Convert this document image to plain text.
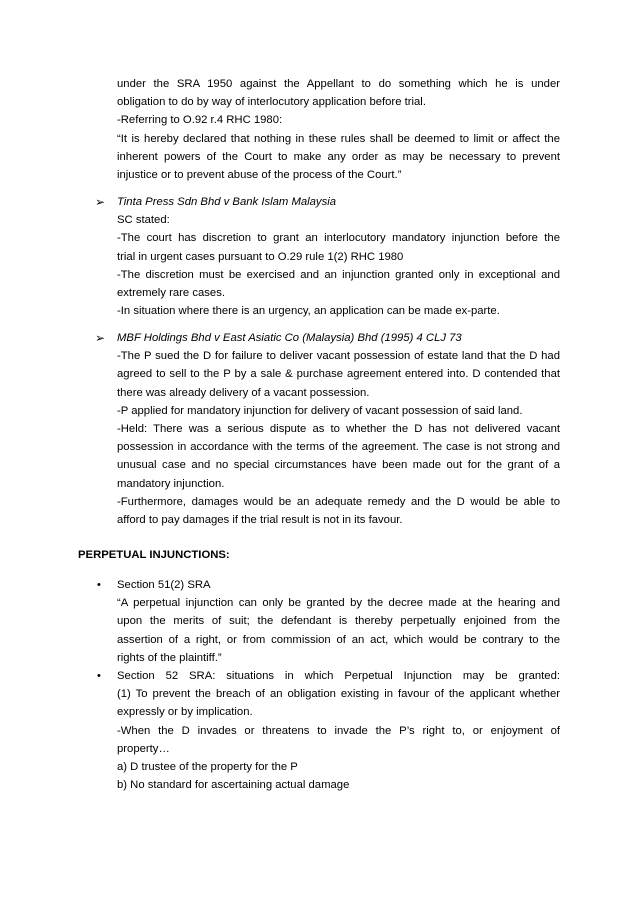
under the SRA 1950 against the Appellant to do something which he is under
obligation to do by way of interlocutory application before trial.
-Referring to O.92 r.4 RHC 1980:
“It is hereby declared that nothing in these rules shall be deemed to limit or affect the
inherent powers of the Court to make any order as may be necessary to prevent
injustice or to prevent abuse of the process of the Court.”
➢ Tinta Press Sdn Bhd v Bank Islam Malaysia
SC stated:
-The court has discretion to grant an interlocutory mandatory injunction before the
trial in urgent cases pursuant to O.29 rule 1(2) RHC 1980
-The discretion must be exercised and an injunction granted only in exceptional and
extremely rare cases.
-In situation where there is an urgency, an application can be made ex-parte.
➢ MBF Holdings Bhd v East Asiatic Co (Malaysia) Bhd (1995) 4 CLJ 73
-The P sued the D for failure to deliver vacant possession of estate land that the D had
agreed to sell to the P by a sale & purchase agreement entered into. D contended that
there was already delivery of a vacant possession.
-P applied for mandatory injunction for delivery of vacant possession of said land.
-Held: There was a serious dispute as to whether the D has not delivered vacant
possession in accordance with the terms of the agreement. The case is not strong and
unusual case and no special circumstances have been made out for the grant of a
mandatory injunction.
-Furthermore, damages would be an adequate remedy and the D would be able to
afford to pay damages if the trial result is not in its favour.
PERPETUAL INJUNCTIONS:
• Section 51(2) SRA
“A perpetual injunction can only be granted by the decree made at the hearing and
upon the merits of suit; the defendant is thereby perpetually enjoined from the
assertion of a right, or from commission of an act, which would be contrary to the
rights of the plaintiff.”
• Section 52 SRA: situations in which Perpetual Injunction may be granted:
(1) To prevent the breach of an obligation existing in favour of the applicant whether
expressly or by implication.
-When the D invades or threatens to invade the P’s right to, or enjoyment of
property…
a) D trustee of the property for the P
b) No standard for ascertaining actual damage
